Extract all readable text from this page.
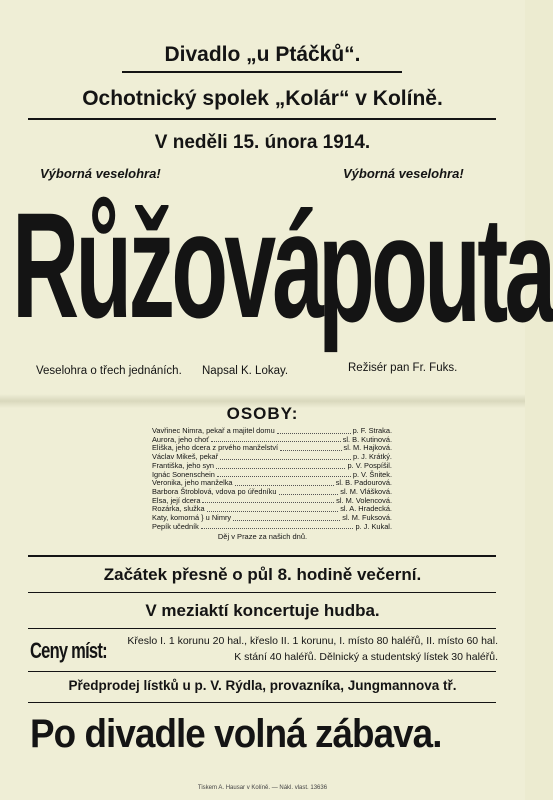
Divadlo „u Ptáčků“.
Ochotnický spolek „Kolár“ v Kolíně.
V neděli 15. února 1914.
Výborná veselohra!	Výborná veselohra!
Růžová
pouta
Veselohra o třech jednáních. Napsal K. Lokay.	Režisér pan Fr. Fuks.
OSOBY:
Vavřinec Nimra, pekař a majitel domu	p. F. Straka.
Aurora, jeho choť	sl. B. Kutinová.
Eliška, jeho dcera z prvého manželství	sl. M. Hajková.
Václav Mikeš, pekař	p. J. Krátký.
Františka, jeho syn	p. V. Pospíšil.
Ignác Sonenschein	p. V. Šnitek.
Veronika, jeho manželka	sl. B. Padourová.
Barbora Štroblová, vdova po úředníku	sl. M. Vlášková.
Elsa, její dcera	sl. M. Volencová.
Rozárka, služka	sl. A. Hradecká.
Katy, komorná } u Nimry	sl. M. Fuksová.
Pepík učedník	p. J. Kukal.
Děj v Praze za našich dnů.
Začátek přesně o půl 8. hodině večerní.
V meziaktí koncertuje hudba.
Ceny míst:	Křeslo I. 1 korunu 20 hal., křeslo II. 1 korunu, I. místo 80 haléřů, II. místo 60 hal.
K stání 40 haléřů. Dělnický a studentský lístek 30 haléřů.
Předprodej lístků u p. V. Rýdla, provazníka, Jungmannova tř.
Po divadle volná zábava.
Tiskem A. Hausar v Kolíně. — Nákl. vlast. 13636
